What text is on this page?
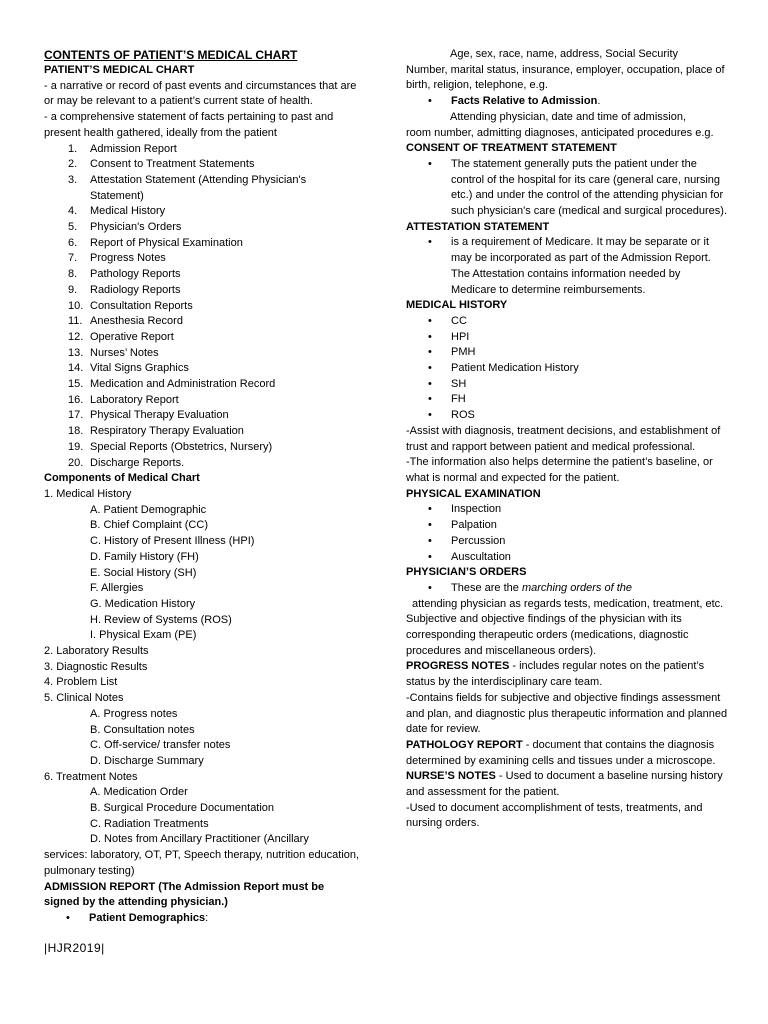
CONTENTS OF PATIENT’S MEDICAL CHART
PATIENT’S MEDICAL CHART
- a narrative or record of past events and circumstances that are or may be relevant to a patient’s current state of health.
- a comprehensive statement of facts pertaining to past and present health gathered, ideally from the patient
1.	Admission Report
2.	Consent to Treatment Statements
3.	Attestation Statement (Attending Physician's Statement)
4.	Medical History
5.	Physician's Orders
6.	Report of Physical Examination
7.	Progress Notes
8.	Pathology Reports
9.	Radiology Reports
10. Consultation Reports
11. Anesthesia Record
12. Operative Report
13. Nurses’ Notes
14. Vital Signs Graphics
15. Medication and Administration Record
16. Laboratory Report
17. Physical Therapy Evaluation
18. Respiratory Therapy Evaluation
19. Special Reports (Obstetrics, Nursery)
20. Discharge Reports.
Components of Medical Chart
1. Medical History
A. Patient Demographic
B. Chief Complaint (CC)
C. History of Present Illness (HPI)
D. Family History (FH)
E. Social History (SH)
F. Allergies
G. Medication History
H. Review of Systems (ROS)
I. Physical Exam (PE)
2. Laboratory Results
3. Diagnostic Results
4. Problem List
5. Clinical Notes
A. Progress notes
B. Consultation notes
C. Off-service/ transfer notes
D. Discharge Summary
6. Treatment Notes
A. Medication Order
B. Surgical Procedure Documentation
C. Radiation Treatments
D. Notes from Ancillary Practitioner (Ancillary
services: laboratory, OT, PT, Speech therapy, nutrition education, pulmonary testing)
ADMISSION REPORT (The Admission Report must be signed by the attending physician.)
• Patient Demographics:
Age, sex, race, name, address, Social Security
Number, marital status, insurance, employer, occupation, place of birth, religion, telephone, e.g.
• Facts Relative to Admission.
Attending physician, date and time of admission,
room number, admitting diagnoses, anticipated procedures e.g.
CONSENT OF TREATMENT STATEMENT
• The statement generally puts the patient under the control of the hospital for its care (general care, nursing etc.) and under the control of the attending physician for such physician's care (medical and surgical procedures).
ATTESTATION STATEMENT
• is a requirement of Medicare. It may be separate or it may be incorporated as part of the Admission Report. The Attestation contains information needed by Medicare to determine reimbursements.
MEDICAL HISTORY
• CC
• HPI
• PMH
• Patient Medication History
• SH
• FH
• ROS
-Assist with diagnosis, treatment decisions, and establishment of trust and rapport between patient and medical professional.
-The information also helps determine the patient’s baseline, or what is normal and expected for the patient.
PHYSICAL EXAMINATION
• Inspection
• Palpation
• Percussion
• Auscultation
PHYSICIAN’S ORDERS
• These are the marching orders of the
attending physician as regards tests, medication, treatment, etc.
Subjective and objective findings of the physician with its corresponding therapeutic orders (medications, diagnostic procedures and miscellaneous orders).
PROGRESS NOTES - includes regular notes on the patient’s status by the interdisciplinary care team.
-Contains fields for subjective and objective findings assessment and plan, and diagnostic plus therapeutic information and planned date for review.
PATHOLOGY REPORT - document that contains the diagnosis determined by examining cells and tissues under a microscope.
NURSE’S NOTES - Used to document a baseline nursing history and assessment for the patient.
-Used to document accomplishment of tests, treatments, and nursing orders.
|HJR2019|
